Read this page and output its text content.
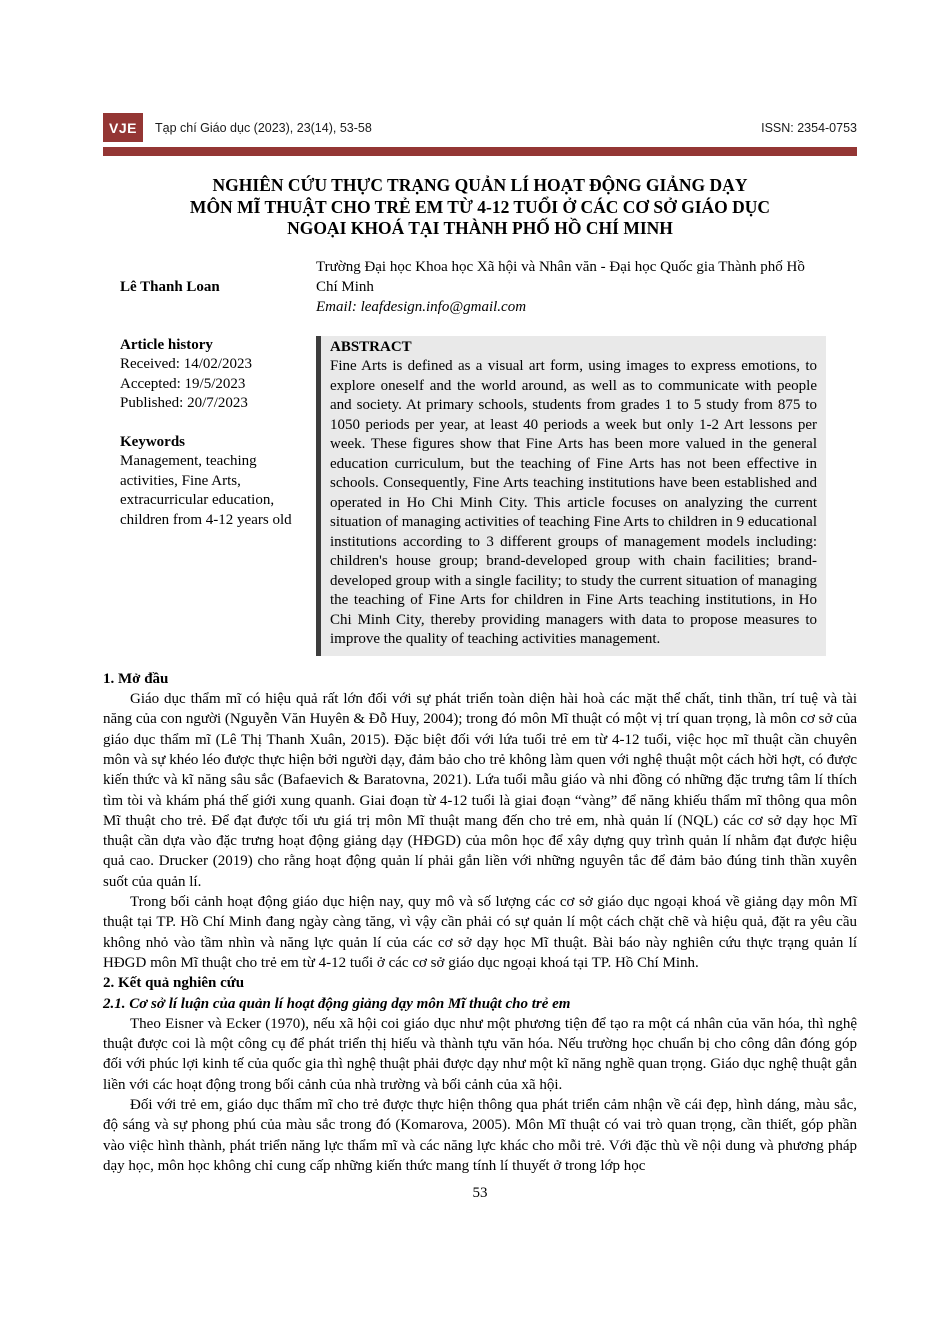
VJE	Tạp chí Giáo dục (2023), 23(14), 53-58	ISSN: 2354-0753
NGHIÊN CỨU THỰC TRẠNG QUẢN LÍ HOẠT ĐỘNG GIẢNG DẠY
MÔN MĨ THUẬT CHO TRẺ EM TỪ 4-12 TUỔI Ở CÁC CƠ SỞ GIÁO DỤC
NGOẠI KHOÁ TẠI THÀNH PHỐ HỒ CHÍ MINH
Lê Thanh Loan
Trường Đại học Khoa học Xã hội và Nhân văn - Đại học Quốc gia Thành phố Hồ Chí Minh
Email: leafdesign.info@gmail.com
Article history
Received: 14/02/2023
Accepted: 19/5/2023
Published: 20/7/2023
Keywords
Management, teaching activities, Fine Arts, extracurricular education, children from 4-12 years old
ABSTRACT
Fine Arts is defined as a visual art form, using images to express emotions, to explore oneself and the world around, as well as to communicate with people and society. At primary schools, students from grades 1 to 5 study from 875 to 1050 periods per year, at least 40 periods a week but only 1-2 Art lessons per week. These figures show that Fine Arts has been more valued in the general education curriculum, but the teaching of Fine Arts has not been effective in schools. Consequently, Fine Arts teaching institutions have been established and operated in Ho Chi Minh City. This article focuses on analyzing the current situation of managing activities of teaching Fine Arts to children in 9 educational institutions according to 3 different groups of management models including: children's house group; brand-developed group with chain facilities; brand-developed group with a single facility; to study the current situation of managing the teaching of Fine Arts for children in Fine Arts teaching institutions, in Ho Chi Minh City, thereby providing managers with data to propose measures to improve the quality of teaching activities management.
1. Mở đầu

Giáo dục thẩm mĩ có hiệu quả rất lớn đối với sự phát triển toàn diện hài hoà các mặt thể chất, tinh thần, trí tuệ và tài năng của con người (Nguyễn Văn Huyên & Đỗ Huy, 2004); trong đó môn Mĩ thuật có một vị trí quan trọng, là môn cơ sở của giáo dục thẩm mĩ (Lê Thị Thanh Xuân, 2015). Đặc biệt đối với lứa tuổi trẻ em từ 4-12 tuổi, việc học mĩ thuật cần chuyên môn và sự khéo léo được thực hiện bởi người dạy, đảm bảo cho trẻ không làm quen với nghệ thuật một cách hời hợt, có được kiến thức và kĩ năng sâu sắc (Bafaevich & Baratovna, 2021). Lứa tuổi mẫu giáo và nhi đồng có những đặc trưng tâm lí thích tìm tòi và khám phá thế giới xung quanh. Giai đoạn từ 4-12 tuổi là giai đoạn “vàng” để năng khiếu thẩm mĩ thông qua môn Mĩ thuật cho trẻ. Để đạt được tối ưu giá trị môn Mĩ thuật mang đến cho trẻ em, nhà quản lí (NQL) các cơ sở dạy học Mĩ thuật cần dựa vào đặc trưng hoạt động giảng dạy (HĐGD) của môn học để xây dựng quy trình quản lí nhằm đạt được hiệu quả cao. Drucker (2019) cho rằng hoạt động quản lí phải gắn liền với những nguyên tắc để đảm bảo đúng tinh thần xuyên suốt của quản lí.

Trong bối cảnh hoạt động giáo dục hiện nay, quy mô và số lượng các cơ sở giáo dục ngoại khoá về giảng dạy môn Mĩ thuật tại TP. Hồ Chí Minh đang ngày càng tăng, vì vậy cần phải có sự quản lí một cách chặt chẽ và hiệu quả, đặt ra yêu cầu không nhỏ vào tầm nhìn và năng lực quản lí của các cơ sở dạy học Mĩ thuật. Bài báo này nghiên cứu thực trạng quản lí HĐGD môn Mĩ thuật cho trẻ em từ 4-12 tuổi ở các cơ sở giáo dục ngoại khoá tại TP. Hồ Chí Minh.

2. Kết quả nghiên cứu
2.1. Cơ sở lí luận của quản lí hoạt động giảng dạy môn Mĩ thuật cho trẻ em

Theo Eisner và Ecker (1970), nếu xã hội coi giáo dục như một phương tiện để tạo ra một cá nhân của văn hóa, thì nghệ thuật được coi là một công cụ để phát triển thị hiếu và thành tựu văn hóa. Nếu trường học chuẩn bị cho công dân đóng góp đối với phúc lợi kinh tế của quốc gia thì nghệ thuật phải được dạy như một kĩ năng nghề quan trọng. Giáo dục nghệ thuật gắn liền với các hoạt động trong bối cảnh của nhà trường và bối cảnh của xã hội.

Đối với trẻ em, giáo dục thẩm mĩ cho trẻ được thực hiện thông qua phát triển cảm nhận về cái đẹp, hình dáng, màu sắc, độ sáng và sự phong phú của màu sắc trong đó (Komarova, 2005). Môn Mĩ thuật có vai trò quan trọng, cần thiết, góp phần vào việc hình thành, phát triển năng lực thẩm mĩ và các năng lực khác cho mỗi trẻ. Với đặc thù về nội dung và phương pháp dạy học, môn học không chỉ cung cấp những kiến thức mang tính lí thuyết ở trong lớp học

53
